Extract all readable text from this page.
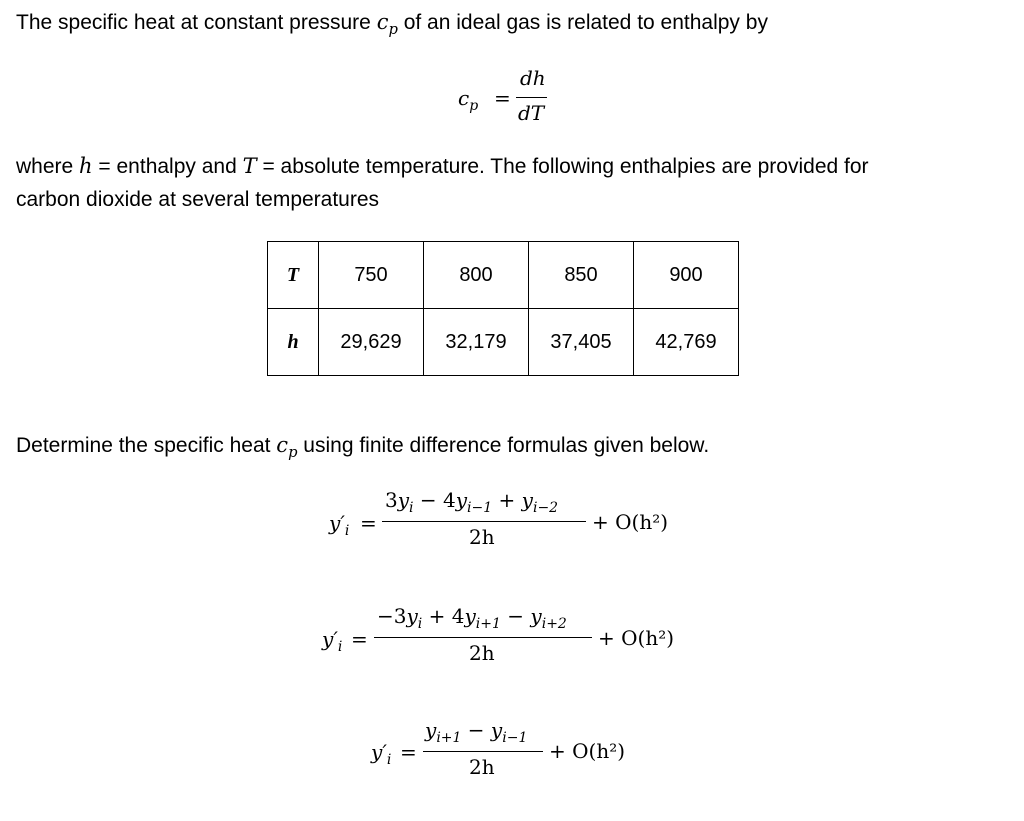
The specific heat at constant pressure $c_p$ of an ideal gas is related to enthalpy by
$c_p$ =
dh
dT
where h = enthalpy and T = absolute temperature. The following enthalpies are provided for
carbon dioxide at several temperatures
T	750	800	850	900
h	29,629	32,179	37,405	42,769
Determine the specific heat $c_p$ using finite difference formulas given below.
$y'_i$ =
$3y_i - 4y_{i-1} + y_{i-2}$
2h
+ O(h²)
$y'_i$ =
$-3y_i + 4y_{i+1} - y_{i+2}$
2h
+ O(h²)
$y'_i$ =
$y_{i+1} - y_{i-1}$
2h
+ O(h²)
